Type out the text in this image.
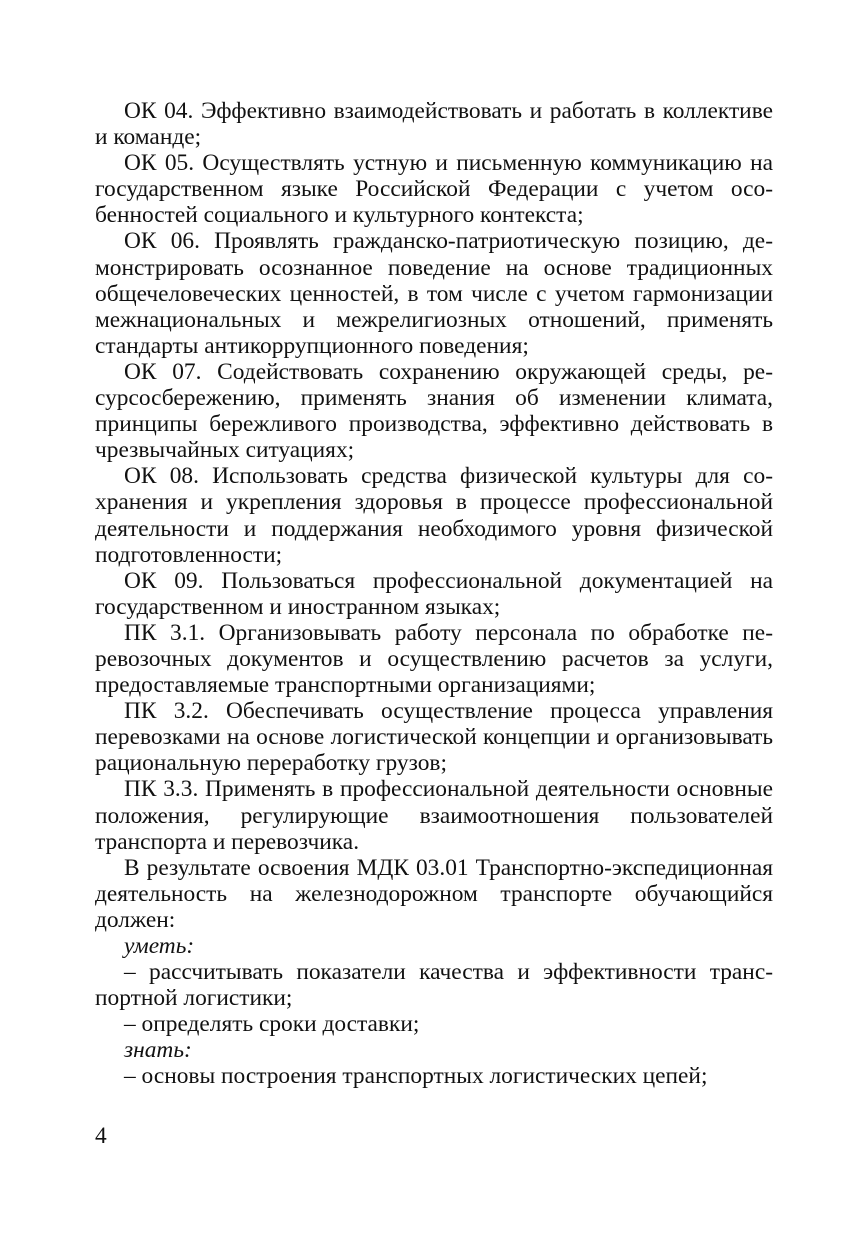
ОК 04. Эффективно взаимодействовать и работать в коллективе и команде;

ОК 05. Осуществлять устную и письменную коммуникацию на государственном языке Российской Федерации с учетом особенностей социального и культурного контекста;

ОК 06. Проявлять гражданско-патриотическую позицию, демонстрировать осознанное поведение на основе традиционных общечеловеческих ценностей, в том числе с учетом гармонизации межнациональных и межрелигиозных отношений, применять стандарты антикоррупционного поведения;

ОК 07. Содействовать сохранению окружающей среды, ресурсосбережению, применять знания об изменении климата, принципы бережливого производства, эффективно действовать в чрезвычайных ситуациях;

ОК 08. Использовать средства физической культуры для сохранения и укрепления здоровья в процессе профессиональной деятельности и поддержания необходимого уровня физической подготовленности;

ОК 09. Пользоваться профессиональной документацией на государственном и иностранном языках;

ПК 3.1. Организовывать работу персонала по обработке перевозочных документов и осуществлению расчетов за услуги, предоставляемые транспортными организациями;

ПК 3.2. Обеспечивать осуществление процесса управления перевозками на основе логистической концепции и организовывать рациональную переработку грузов;

ПК 3.3. Применять в профессиональной деятельности основные положения, регулирующие взаимоотношения пользователей транспорта и перевозчика.

В результате освоения МДК 03.01 Транспортно-экспедиционная деятельность на железнодорожном транспорте обучающийся должен:

уметь:

– рассчитывать показатели качества и эффективности транспортной логистики;

– определять сроки доставки;

знать:

– основы построения транспортных логистических цепей;

4
